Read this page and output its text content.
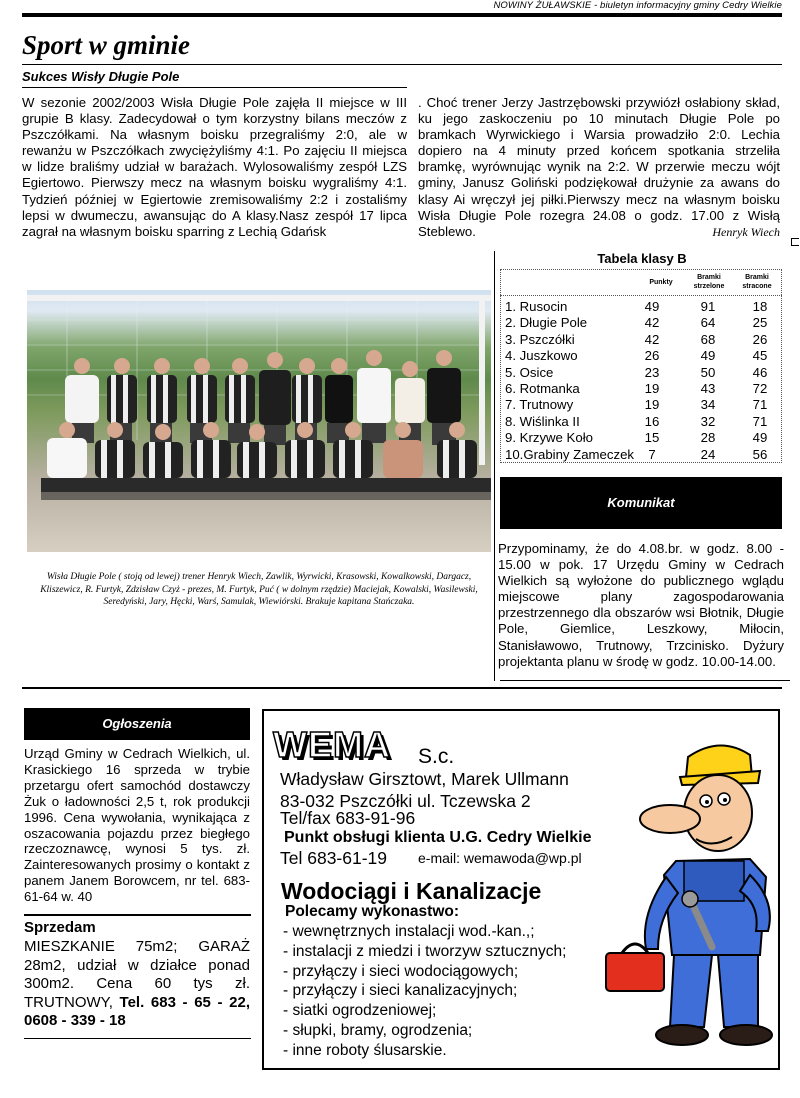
NOWINY ŻUŁAWSKIE - biuletyn informacyjny gminy Cedry Wielkie
Sport w gminie
Sukces Wisły Długie Pole
W sezonie 2002/2003 Wisła Długie Pole zajęła II miejsce w III grupie B klasy. Zadecydował o tym korzystny bilans meczów z Pszczółkami. Na własnym boisku przegraliśmy 2:0, ale w rewanżu w Pszczółkach zwyciężyliśmy 4:1. Po zajęciu II miejsca w lidze braliśmy udział w barażach. Wylosowaliśmy zespół LZS Egiertowo. Pierwszy mecz na własnym boisku wygraliśmy 4:1. Tydzień później w Egiertowie zremisowaliśmy 2:2 i zostaliśmy lepsi w dwumeczu, awansując do A klasy.Nasz zespół 17 lipca zagrał na własnym boisku sparring z Lechią Gdańsk
. Choć trener Jerzy Jastrzębowski przywiózł osłabiony skład, ku jego zaskoczeniu po 10 minutach Długie Pole po bramkach Wyrwickiego i Warsia prowadziło 2:0. Lechia dopiero na 4 minuty przed końcem spotkania strzeliła bramkę, wyrównując wynik na 2:2. W przerwie meczu wójt gminy, Janusz Goliński podziękował drużynie za awans do klasy Ai wręczył jej piłki.Pierwszy mecz na własnym boisku Wisła Długie Pole rozegra 24.08 o godz. 17.00 z Wisłą Steblewo.	Henryk Wiech
Wisła Długie Pole ( stoją od lewej) trener Henryk Wiech, Zawlik, Wyrwicki, Krasowski, Kowalkowski, Dargacz, Kliszewicz, R. Furtyk, Zdzisław Czyż - prezes, M. Furtyk, Puć ( w dolnym rzędzie) Maciejak, Kowalski, Wasilewski, Seredyński, Jary, Hęcki, Warś, Samulak, Wiewiórski. Brakuje kapitana Stańczaka.
Tabela klasy B
Punkty
Bramki strzelone
Bramki stracone
1. Rusocin	49	91	18
2. Długie Pole	42	64	25
3. Pszczółki	42	68	26
4. Juszkowo	26	49	45
5. Osice	23	50	46
6. Rotmanka	19	43	72
7. Trutnowy	19	34	71
8. Wiślinka II	16	32	71
9. Krzywe Koło	15	28	49
10.Grabiny Zameczek	7	24	56
Komunikat
Przypominamy, że do 4.08.br. w godz. 8.00 - 15.00 w pok. 17 Urzędu Gminy w Cedrach Wielkich są wyłożone do publicznego wglądu miejscowe plany zagospodarowania przestrzennego dla obszarów wsi Błotnik, Długie Pole, Giemlice, Leszkowy, Miłocin, Stanisławowo, Trutnowy, Trzcinisko. Dyżury projektanta planu w środę w godz. 10.00-14.00.
Ogłoszenia
Urząd Gminy w Cedrach Wielkich, ul. Krasickiego 16 sprzeda w trybie przetargu ofert samochód dostawczy Żuk o ładowności 2,5 t, rok produkcji 1996. Cena wywołania, wynikająca z oszacowania pojazdu przez biegłego rzeczoznawcę, wynosi 5 tys. zł. Zainteresowanych prosimy o kontakt z panem Janem Borowcem, nr tel. 683-61-64 w. 40
Sprzedam
MIESZKANIE 75m2; GARAŻ 28m2, udział w działce ponad 300m2. Cena 60 tys zł. TRUTNOWY, Tel. 683 - 65 - 22, 0608 - 339 - 18
WEMA S.c.
Władysław Girsztowt, Marek Ullmann
83-032 Pszczółki ul. Tczewska 2
Tel/fax 683-91-96
Punkt obsługi klienta U.G. Cedry Wielkie
Tel 683-61-19 e-mail: wemawoda@wp.pl
Wodociągi i Kanalizacje
Polecamy wykonastwo:
- wewnętrznych instalacji wod.-kan.,;
- instalacji z miedzi i tworzyw sztucznych;
- przyłączy i sieci wodociągowych;
- przyłączy i sieci kanalizacyjnych;
- siatki ogrodzeniowej;
- słupki, bramy, ogrodzenia;
- inne roboty ślusarskie.
